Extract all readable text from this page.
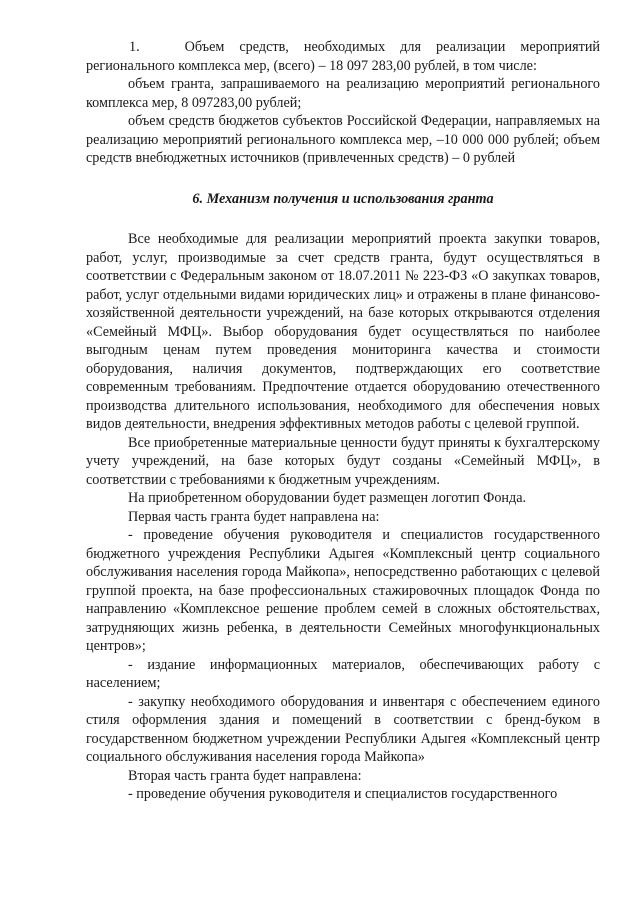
1.   Объем средств, необходимых для реализации мероприятий регионального комплекса мер, (всего) – 18 097 283,00 рублей, в том числе:

объем гранта, запрашиваемого на реализацию мероприятий регионального комплекса мер, 8 097283,00 рублей;

объем средств бюджетов субъектов Российской Федерации, направляемых на реализацию мероприятий регионального комплекса мер, –10 000 000 рублей; объем средств внебюджетных источников (привлеченных средств) – 0 рублей

6. Механизм получения и использования гранта

Все необходимые для реализации мероприятий проекта закупки товаров, работ, услуг, производимые за счет средств гранта, будут осуществляться в соответствии с Федеральным законом от 18.07.2011 № 223-ФЗ «О закупках товаров, работ, услуг отдельными видами юридических лиц» и отражены в плане финансово-хозяйственной деятельности учреждений, на базе которых открываются отделения «Семейный МФЦ». Выбор оборудования будет осуществляться по наиболее выгодным ценам путем проведения мониторинга качества и стоимости оборудования, наличия документов, подтверждающих его соответствие современным требованиям. Предпочтение отдается оборудованию отечественного производства длительного использования, необходимого для обеспечения новых видов деятельности, внедрения эффективных методов работы с целевой группой.

Все приобретенные материальные ценности будут приняты к бухгалтерскому учету учреждений, на базе которых будут созданы «Семейный МФЦ», в соответствии с требованиями к бюджетным учреждениям.

На приобретенном оборудовании будет размещен логотип Фонда.

Первая часть гранта будет направлена на:

- проведение обучения руководителя и специалистов государственного бюджетного учреждения Республики Адыгея «Комплексный центр социального обслуживания населения города Майкопа», непосредственно работающих с целевой группой проекта, на базе профессиональных стажировочных площадок Фонда по направлению «Комплексное решение проблем семей в сложных обстоятельствах, затрудняющих жизнь ребенка, в деятельности Семейных многофункциональных центров»;

- издание информационных материалов, обеспечивающих работу с населением;

- закупку необходимого оборудования и инвентаря с обеспечением единого стиля оформления здания и помещений в соответствии с бренд-буком в государственном бюджетном учреждении Республики Адыгея «Комплексный центр социального обслуживания населения города Майкопа»

Вторая часть гранта будет направлена:

- проведение обучения руководителя и специалистов государственного
